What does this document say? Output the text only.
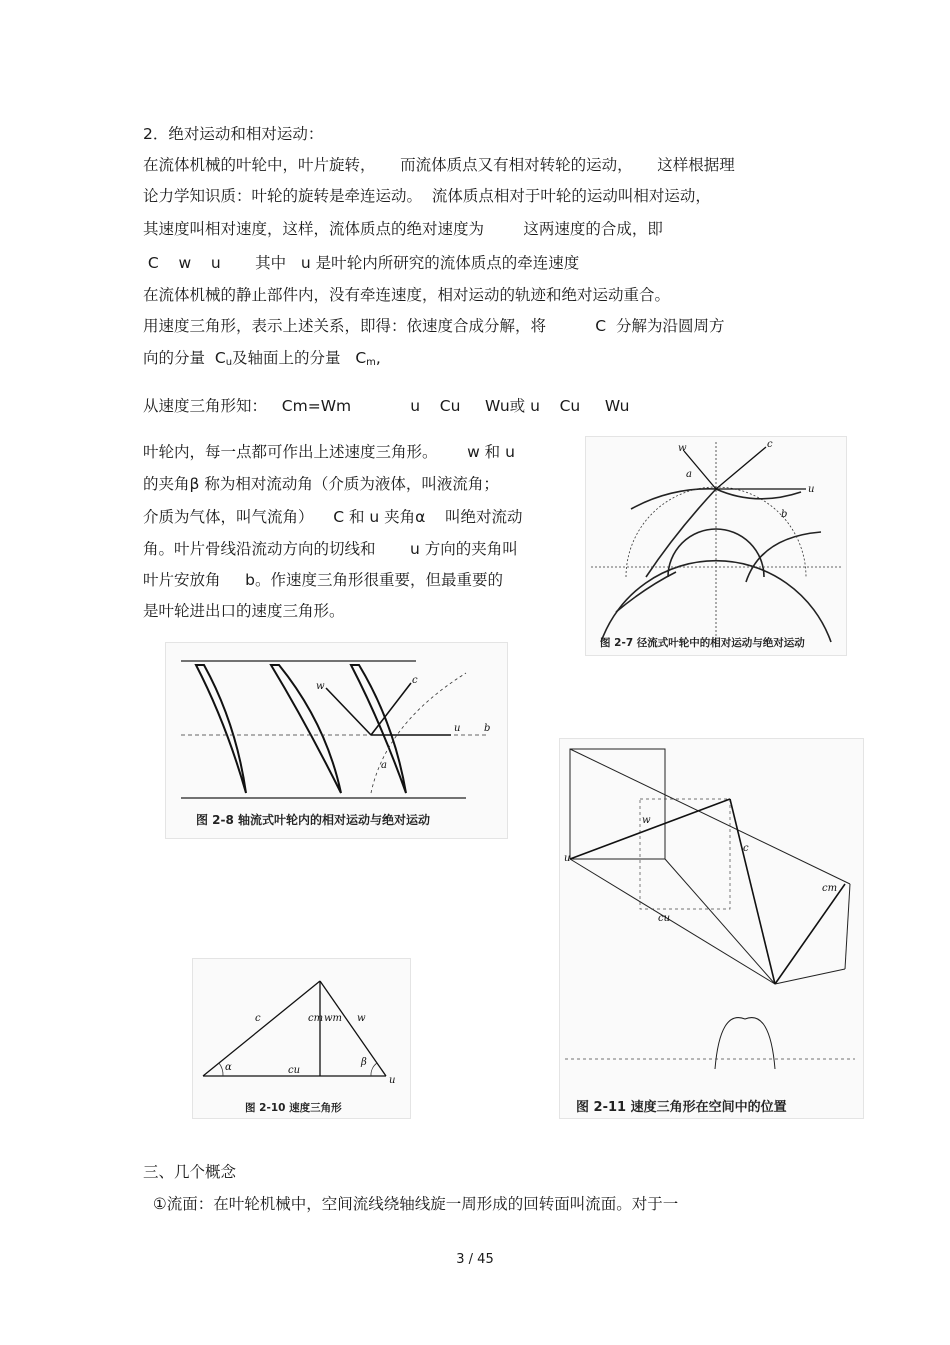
2．绝对运动和相对运动：
在流体机械的叶轮中，叶片旋转，     而流体质点又有相对转轮的运动，     这样根据理
论力学知识质：叶轮的旋转是牵连运动。  流体质点相对于叶轮的运动叫相对运动，
其速度叫相对速度，这样，流体质点的绝对速度为        这两速度的合成，即
C    w    u       其中   u 是叶轮内所研究的流体质点的牵连速度
在流体机械的静止部件内，没有牵连速度，相对运动的轨迹和绝对运动重合。
用速度三角形，表示上述关系，即得：依速度合成分解，将          C  分解为沿圆周方
向的分量  $C_u$及轴面上的分量   $C_m$,
从速度三角形知：   Cm=Wm            u    Cu     Wu或 u    Cu     Wu
叶轮内，每一点都可作出上述速度三角形。      w 和 u
的夹角β 称为相对流动角（介质为液体，叫液流角；
介质为气体，叫气流角）    C 和 u 夹角α    叫绝对流动
角。叶片骨线沿流动方向的切线和       u 方向的夹角叫
叶片安放角     b。作速度三角形很重要，但最重要的
是叶轮进出口的速度三角形。
w	c
u
a
b
图 2-7 径流式叶轮中的相对运动与绝对运动
w
c
u b
a
图 2-8 轴流式叶轮内的相对运动与绝对运动	w
c
u
cm
cu
图 2-11 速度三角形在空间中的位置
c	w
cm wm
cu
α	β
u
图 2-10 速度三角形
三、几个概念
①流面：在叶轮机械中，空间流线绕轴线旋一周形成的回转面叫流面。对于一
3 / 45
